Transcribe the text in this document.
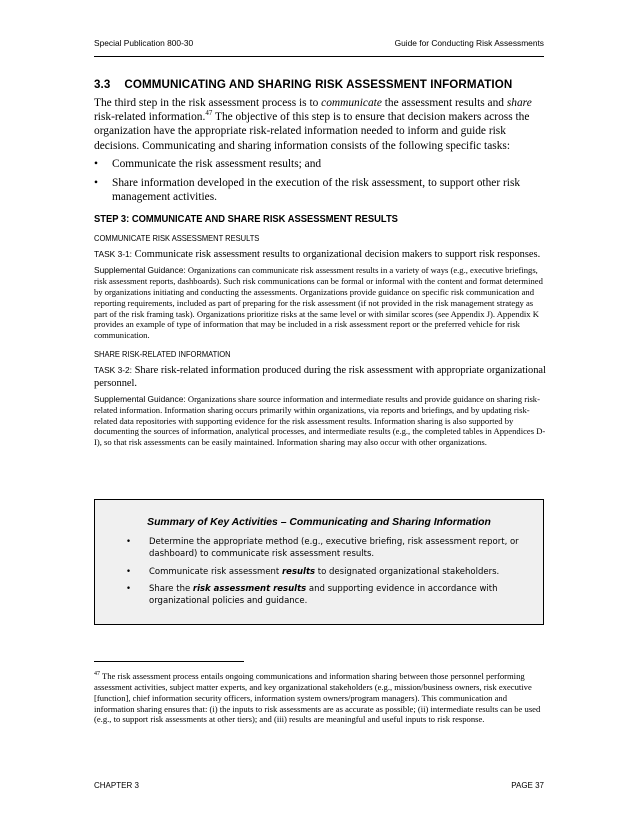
Special Publication 800-30	Guide for Conducting Risk Assessments
3.3 COMMUNICATING AND SHARING RISK ASSESSMENT INFORMATION

The third step in the risk assessment process is to communicate the assessment results and share risk-related information.$^{47}$ The objective of this step is to ensure that decision makers across the organization have the appropriate risk-related information needed to inform and guide risk decisions. Communicating and sharing information consists of the following specific tasks:

• Communicate the risk assessment results; and
• Share information developed in the execution of the risk assessment, to support other risk management activities.
STEP 3: COMMUNICATE AND SHARE RISK ASSESSMENT RESULTS
COMMUNICATE RISK ASSESSMENT RESULTS

TASK 3-1: Communicate risk assessment results to organizational decision makers to support risk responses.

Supplemental Guidance: Organizations can communicate risk assessment results in a variety of ways (e.g., executive briefings, risk assessment reports, dashboards). Such risk communications can be formal or informal with the content and format determined by organizations initiating and conducting the assessments. Organizations provide guidance on specific risk communication and reporting requirements, included as part of preparing for the risk assessment (if not provided in the risk management strategy as part of the risk framing task). Organizations prioritize risks at the same level or with similar scores (see Appendix J). Appendix K provides an example of type of information that may be included in a risk assessment report or the preferred vehicle for risk communication.

SHARE RISK-RELATED INFORMATION

TASK 3-2: Share risk-related information produced during the risk assessment with appropriate organizational personnel.

Supplemental Guidance: Organizations share source information and intermediate results and provide guidance on sharing risk-related information. Information sharing occurs primarily within organizations, via reports and briefings, and by updating risk-related data repositories with supporting evidence for the risk assessment results. Information sharing is also supported by documenting the sources of information, analytical processes, and intermediate results (e.g., the completed tables in Appendices D-I), so that risk assessments can be easily maintained. Information sharing may also occur with other organizations.

Summary of Key Activities – Communicating and Sharing Information
• Determine the appropriate method (e.g., executive briefing, risk assessment report, or dashboard) to communicate risk assessment results.
• Communicate risk assessment results to designated organizational stakeholders.
• Share the risk assessment results and supporting evidence in accordance with organizational policies and guidance.
$^{47}$ The risk assessment process entails ongoing communications and information sharing between those personnel performing assessment activities, subject matter experts, and key organizational stakeholders (e.g., mission/business owners, risk executive [function], chief information security officers, information system owners/program managers). This communication and information sharing ensures that: (i) the inputs to risk assessments are as accurate as possible; (ii) intermediate results can be used (e.g., to support risk assessments at other tiers); and (iii) results are meaningful and useful inputs to risk response.
CHAPTER 3	PAGE 37
